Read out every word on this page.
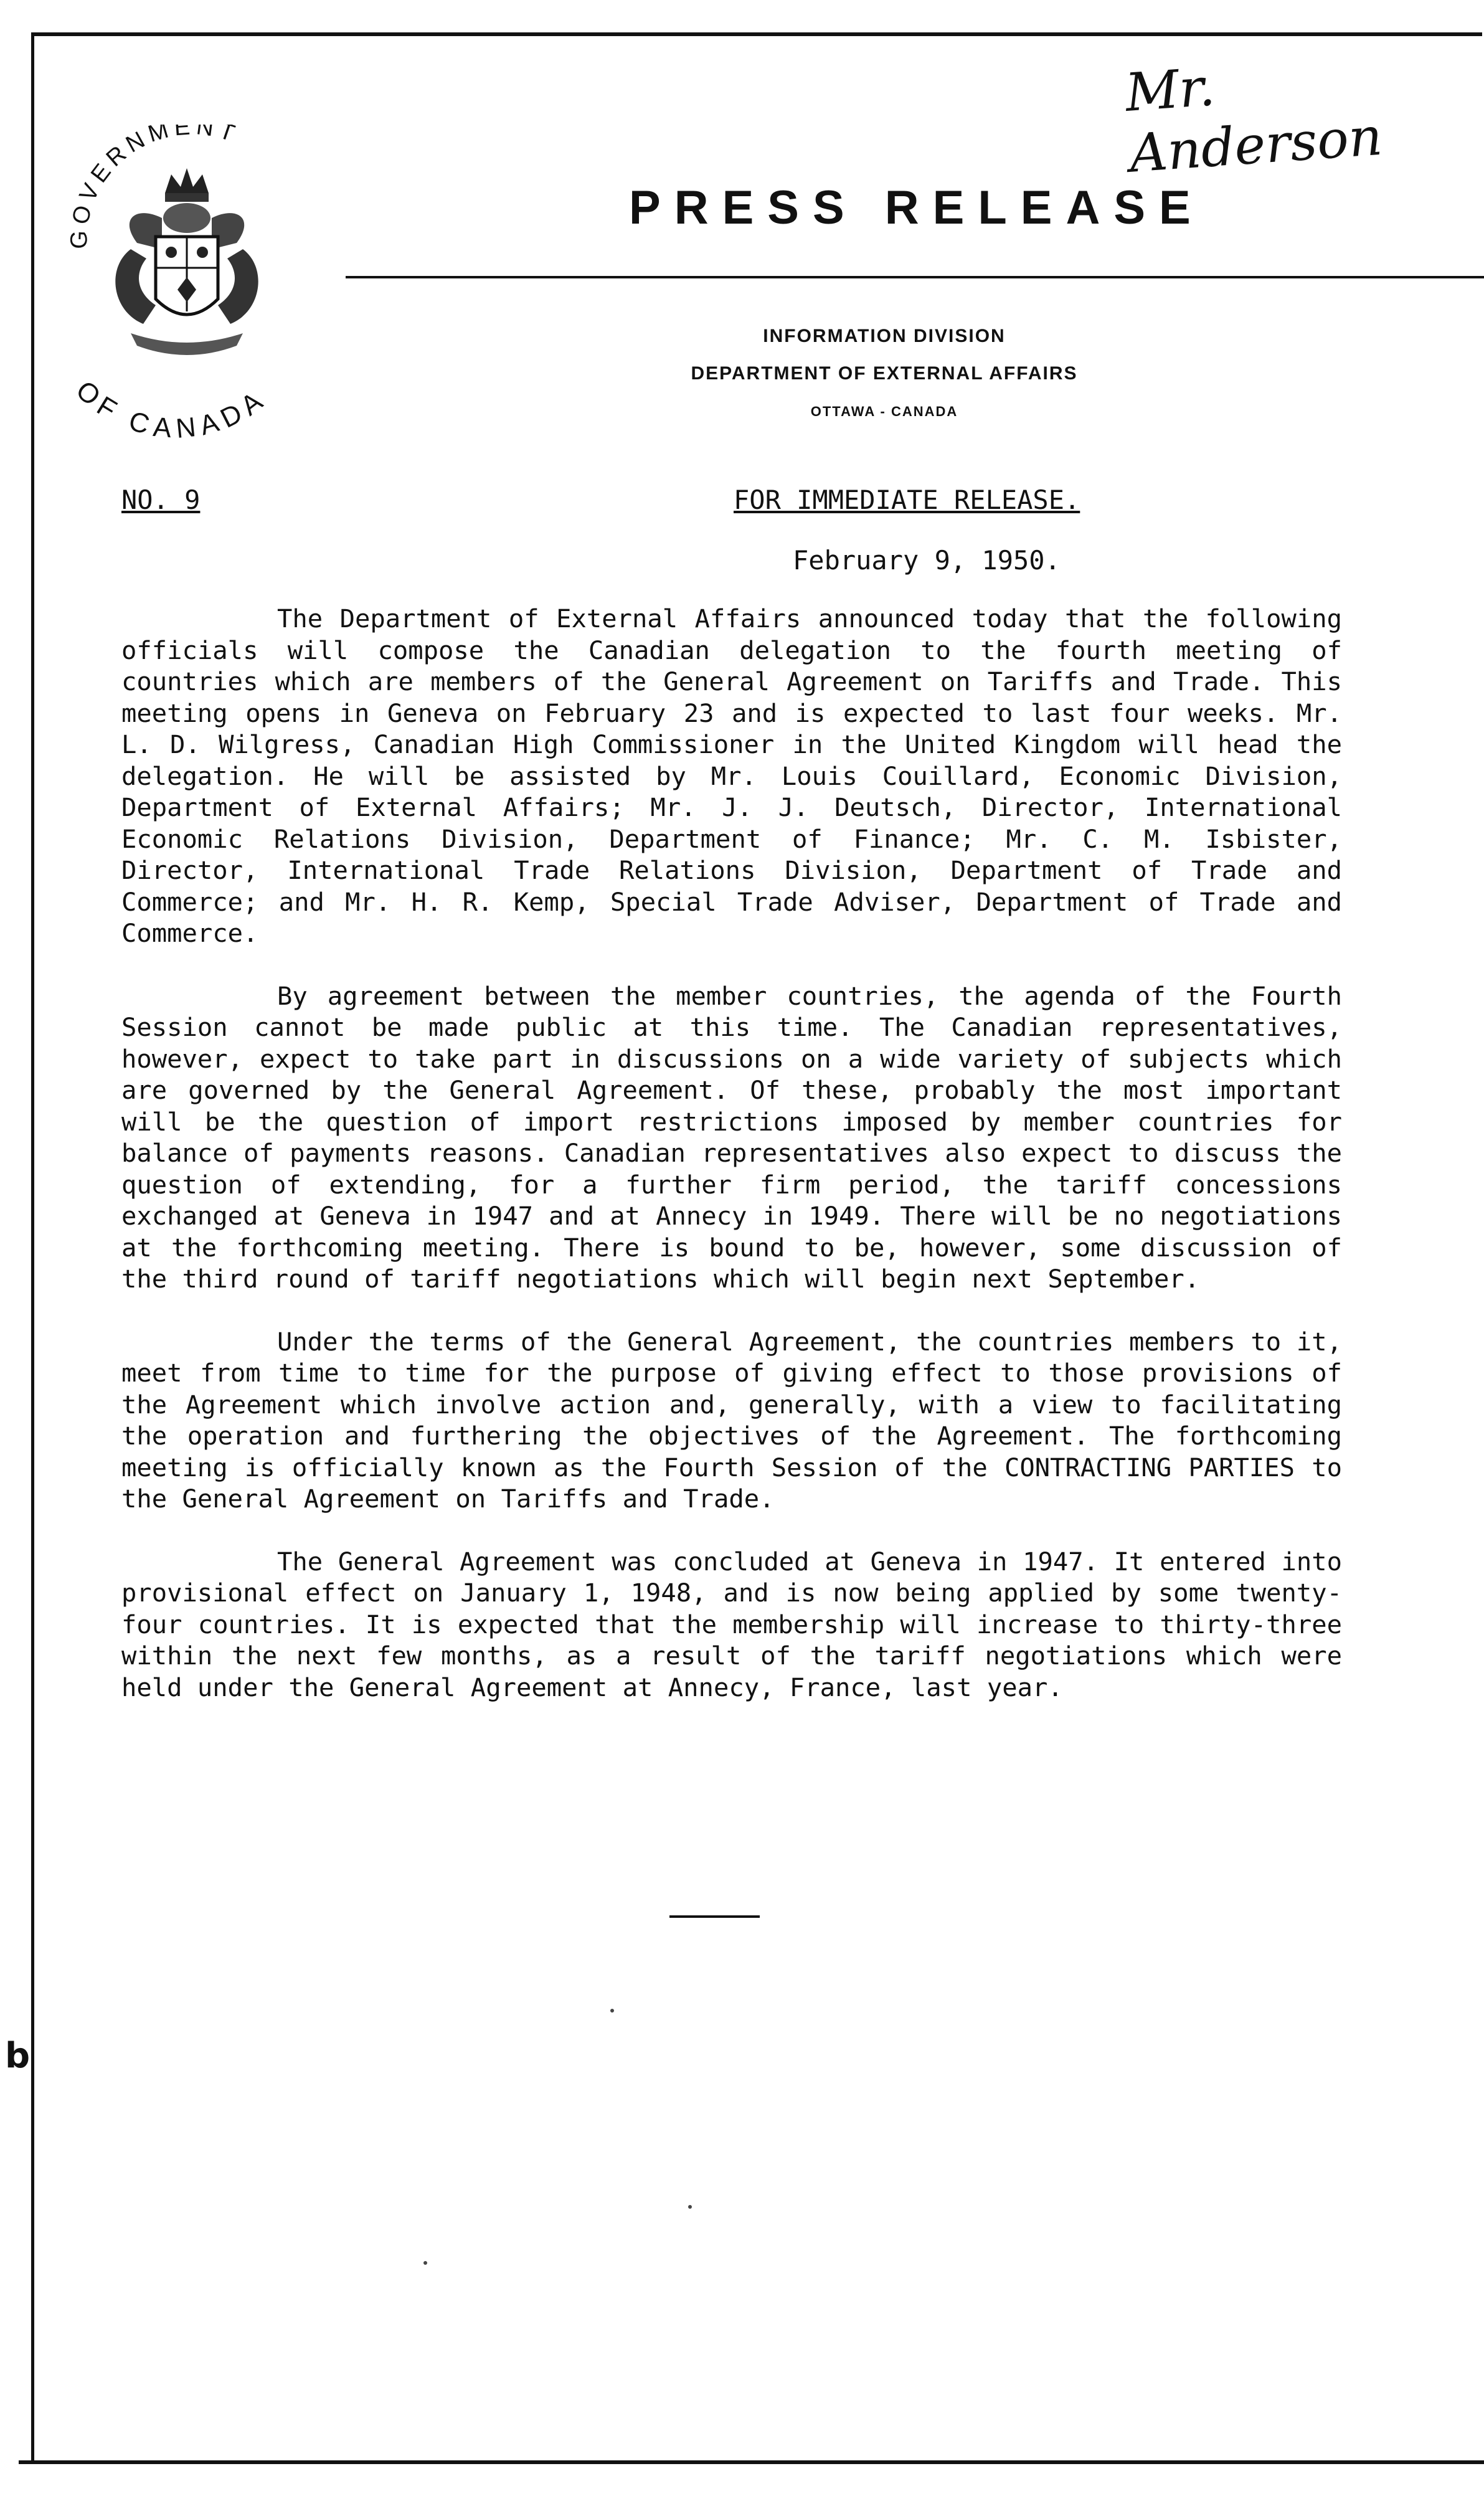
Mr. Anderson
GOVERNMENT
OF CANADA
PRESS RELEASE
INFORMATION DIVISION
DEPARTMENT OF EXTERNAL AFFAIRS
OTTAWA - CANADA
NO. 9	FOR IMMEDIATE RELEASE.
February 9, 1950.

The Department of External Affairs announced today that the following officials will compose the Canadian delegation to the fourth meeting of countries which are members of the General Agreement on Tariffs and Trade. This meeting opens in Geneva on February 23 and is expected to last four weeks. Mr. L. D. Wilgress, Canadian High Commissioner in the United Kingdom will head the delegation. He will be assisted by Mr. Louis Couillard, Economic Division, Department of External Affairs; Mr. J. J. Deutsch, Director, International Economic Relations Division, Department of Finance; Mr. C. M. Isbister, Director, International Trade Relations Division, Department of Trade and Commerce; and Mr. H. R. Kemp, Special Trade Adviser, Department of Trade and Commerce.

By agreement between the member countries, the agenda of the Fourth Session cannot be made public at this time. The Canadian representatives, however, expect to take part in discussions on a wide variety of subjects which are governed by the General Agreement. Of these, probably the most important will be the question of import restrictions imposed by member countries for balance of payments reasons. Canadian representatives also expect to discuss the question of extending, for a further firm period, the tariff concessions exchanged at Geneva in 1947 and at Annecy in 1949. There will be no negotiations at the forthcoming meeting. There is bound to be, however, some discussion of the third round of tariff negotiations which will begin next September.

Under the terms of the General Agreement, the countries members to it, meet from time to time for the purpose of giving effect to those provisions of the Agreement which involve action and, generally, with a view to facilitating the operation and furthering the objectives of the Agreement. The forthcoming meeting is officially known as the Fourth Session of the CONTRACTING PARTIES to the General Agreement on Tariffs and Trade.

The General Agreement was concluded at Geneva in 1947. It entered into provisional effect on January 1, 1948, and is now being applied by some twenty-four countries. It is expected that the membership will increase to thirty-three within the next few months, as a result of the tariff negotiations which were held under the General Agreement at Annecy, France, last year.

b
